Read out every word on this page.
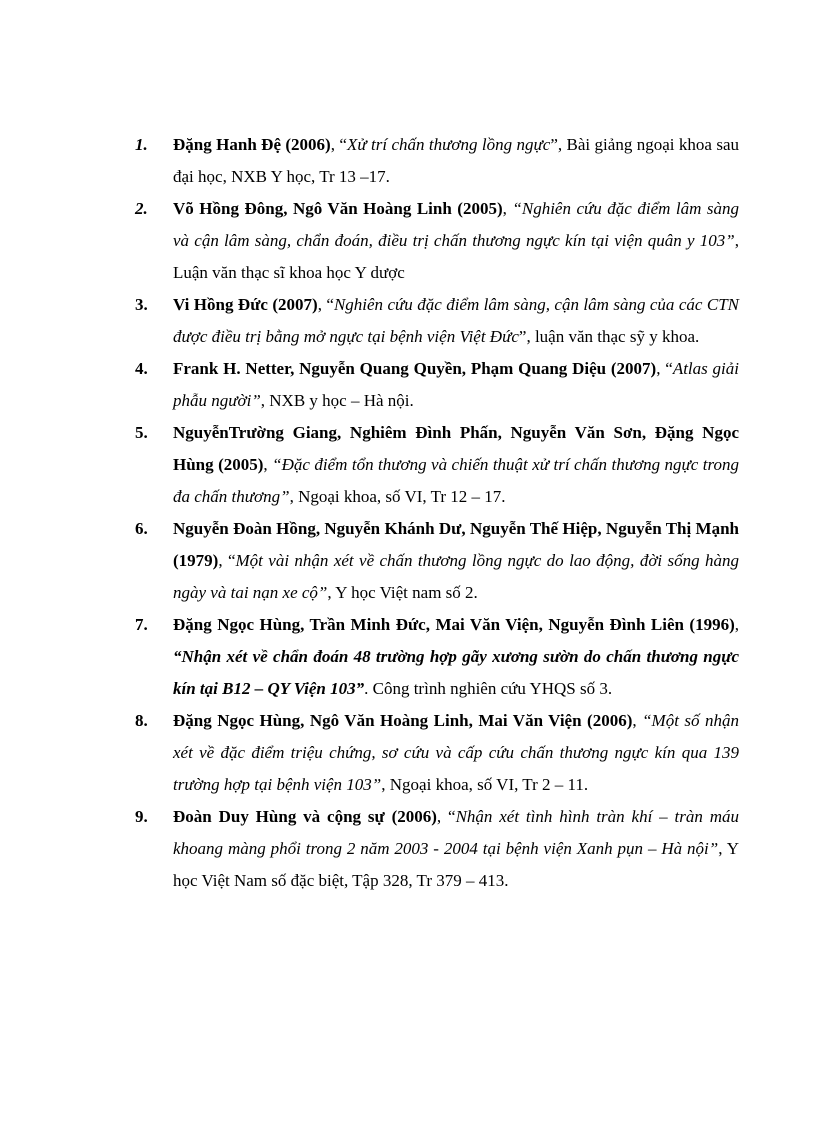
1. Đặng Hanh Đệ (2006), “Xử trí chấn thương lồng ngực”, Bài giảng ngoại khoa sau đại học, NXB Y học, Tr 13 –17.
2. Võ Hồng Đông, Ngô Văn Hoàng Linh (2005), “Nghiên cứu đặc điểm lâm sàng và cận lâm sàng, chẩn đoán, điều trị chấn thương ngực kín tại viện quân y 103”, Luận văn thạc sĩ khoa học Y dược
3. Vi Hồng Đức (2007), “Nghiên cứu đặc điểm lâm sàng, cận lâm sàng của các CTN được điều trị bằng mở ngực tại bệnh viện Việt Đức”, luận văn thạc sỹ y khoa.
4. Frank H. Netter, Nguyễn Quang Quyền, Phạm Quang Diệu (2007), “Atlas giải phẫu người”, NXB y học – Hà nội.
5. NguyễnTrường Giang, Nghiêm Đình Phấn, Nguyễn Văn Sơn, Đặng Ngọc Hùng (2005), “Đặc điểm tổn thương và chiến thuật xử trí chấn thương ngực trong đa chấn thương”, Ngoại khoa, số VI, Tr 12 – 17.
6. Nguyễn Đoàn Hồng, Nguyễn Khánh Dư, Nguyễn Thế Hiệp, Nguyễn Thị Mạnh (1979), “Một vài nhận xét về chấn thương lồng ngực do lao động, đời sống hàng ngày và tai nạn xe cộ”, Y học Việt nam số 2.
7. Đặng Ngọc Hùng, Trần Minh Đức, Mai Văn Viện, Nguyễn Đình Liên (1996), “Nhận xét về chẩn đoán 48 trường hợp gãy xương sườn do chấn thương ngực kín tại B12 – QY Viện 103”. Công trình nghiên cứu YHQS số 3.
8. Đặng Ngọc Hùng, Ngô Văn Hoàng Linh, Mai Văn Viện (2006), “Một số nhận xét về đặc điểm triệu chứng, sơ cứu và cấp cứu chấn thương ngực kín qua 139 trường hợp tại bệnh viện 103”, Ngoại khoa, số VI, Tr 2 – 11.
9. Đoàn Duy Hùng và cộng sự (2006), “Nhận xét tình hình tràn khí – tràn máu khoang màng phổi trong 2 năm 2003 - 2004 tại bệnh viện Xanh pụn – Hà nội”, Y học Việt Nam số đặc biệt, Tập 328, Tr 379 – 413.
